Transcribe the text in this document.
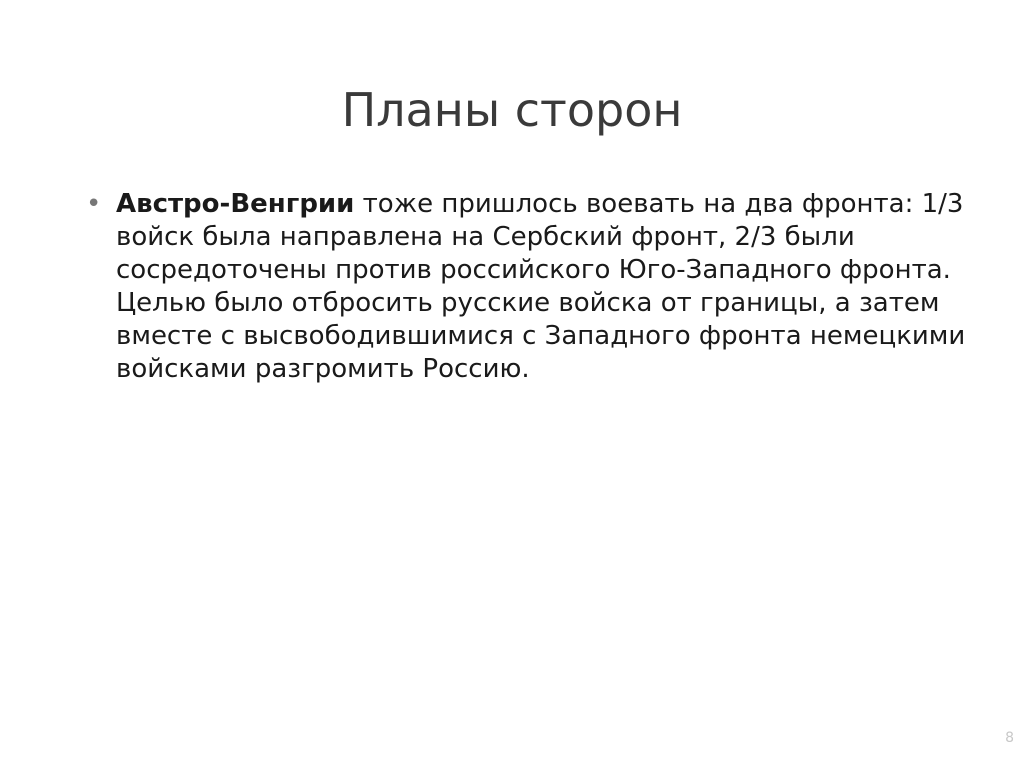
Планы сторон
• Австро-Венгрии тоже пришлось воевать на два фронта: 1/3 войск была направлена на Сербский фронт, 2/3 были сосредоточены против российского Юго-Западного фронта. Целью было отбросить русские войска от границы, а затем вместе с высвободившимися с Западного фронта немецкими войсками разгромить Россию.
8
